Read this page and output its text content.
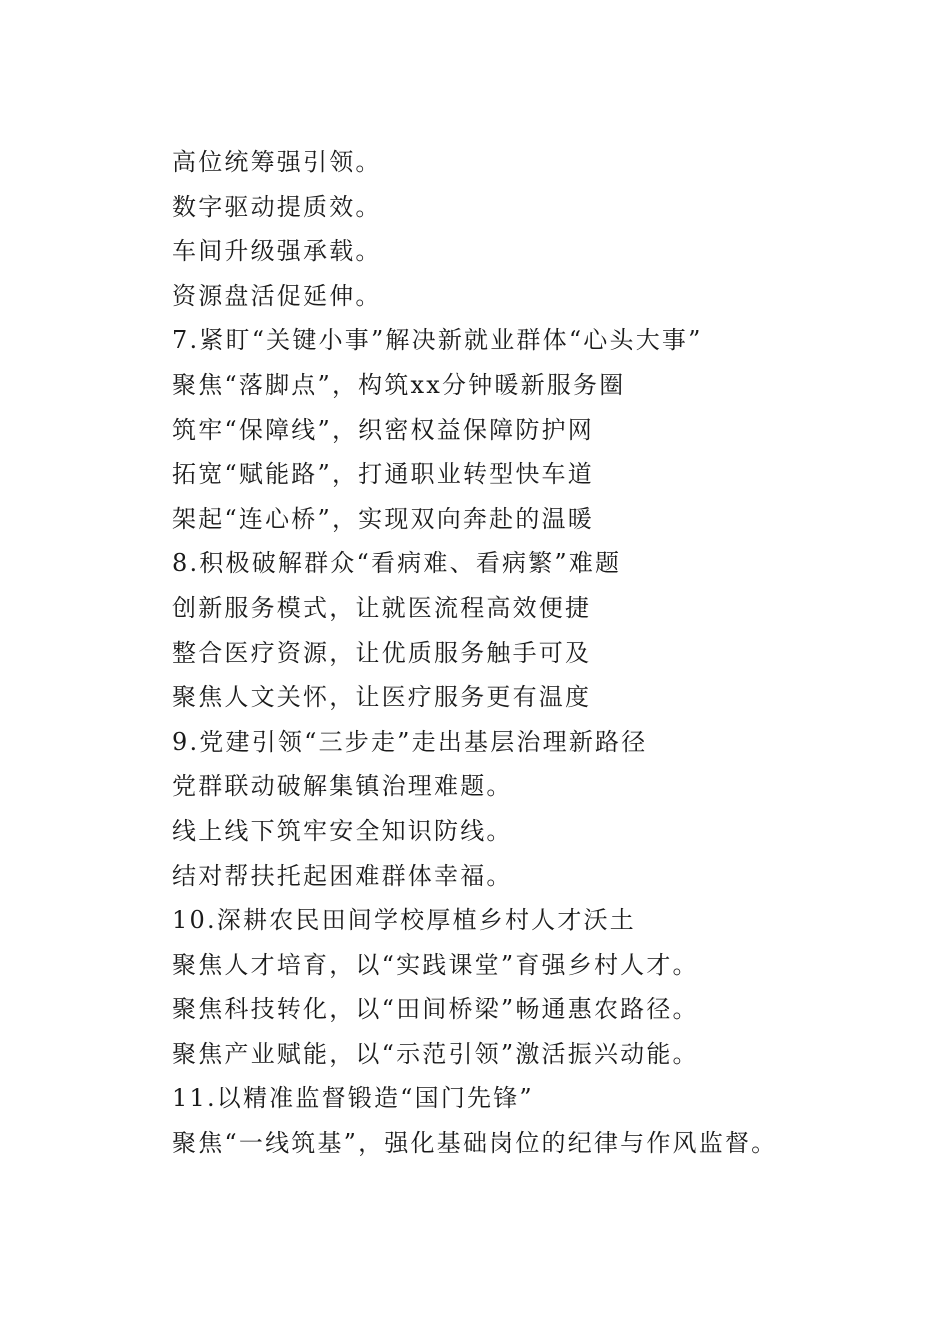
高位统筹强引领。
数字驱动提质效。
车间升级强承载。
资源盘活促延伸。
7.紧盯“关键小事”解决新就业群体“心头大事”
聚焦“落脚点”，构筑xx分钟暖新服务圈
筑牢“保障线”，织密权益保障防护网
拓宽“赋能路”，打通职业转型快车道
架起“连心桥”，实现双向奔赴的温暖
8.积极破解群众“看病难、看病繁”难题
创新服务模式，让就医流程高效便捷
整合医疗资源，让优质服务触手可及
聚焦人文关怀，让医疗服务更有温度
9.党建引领“三步走”走出基层治理新路径
党群联动破解集镇治理难题。
线上线下筑牢安全知识防线。
结对帮扶托起困难群体幸福。
10.深耕农民田间学校厚植乡村人才沃土
聚焦人才培育，以“实践课堂”育强乡村人才。
聚焦科技转化，以“田间桥梁”畅通惠农路径。
聚焦产业赋能，以“示范引领”激活振兴动能。
11.以精准监督锻造“国门先锋”
聚焦“一线筑基”，强化基础岗位的纪律与作风监督。
